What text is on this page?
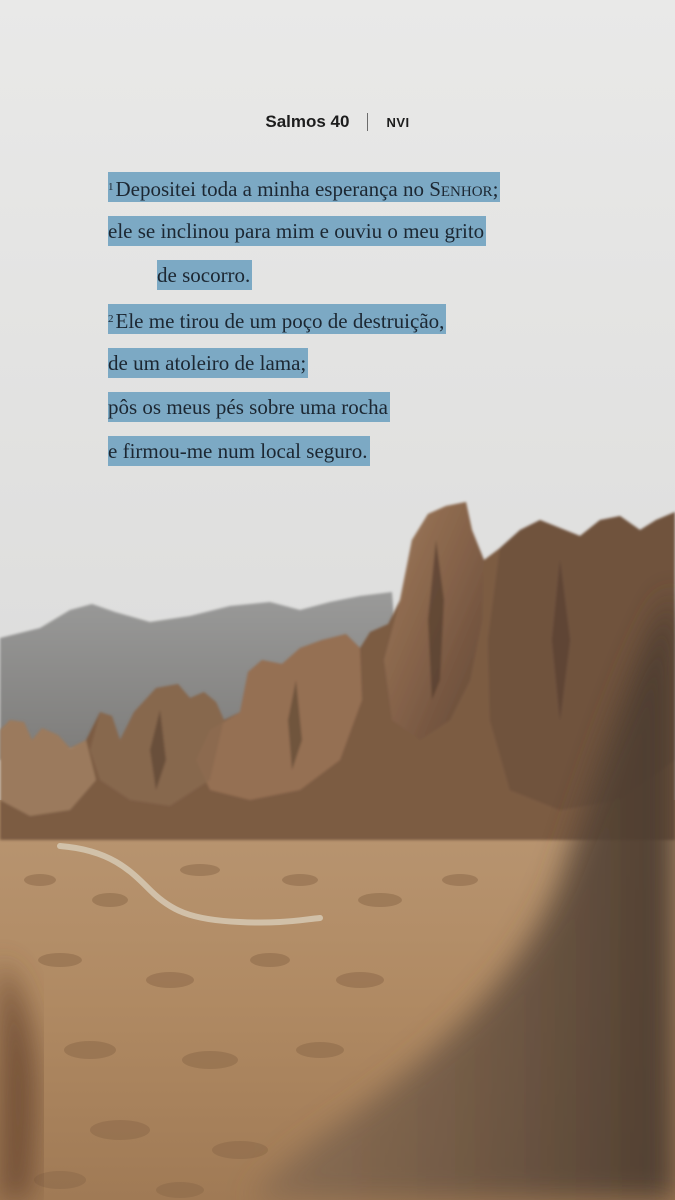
Salmos 40	NVI
$^1$Depositei toda a minha esperança no Senhor;
ele se inclinou para mim e ouviu o meu grito
de socorro.
$^2$Ele me tirou de um poço de destruição,
de um atoleiro de lama;
pôs os meus pés sobre uma rocha
e firmou-me num local seguro.
